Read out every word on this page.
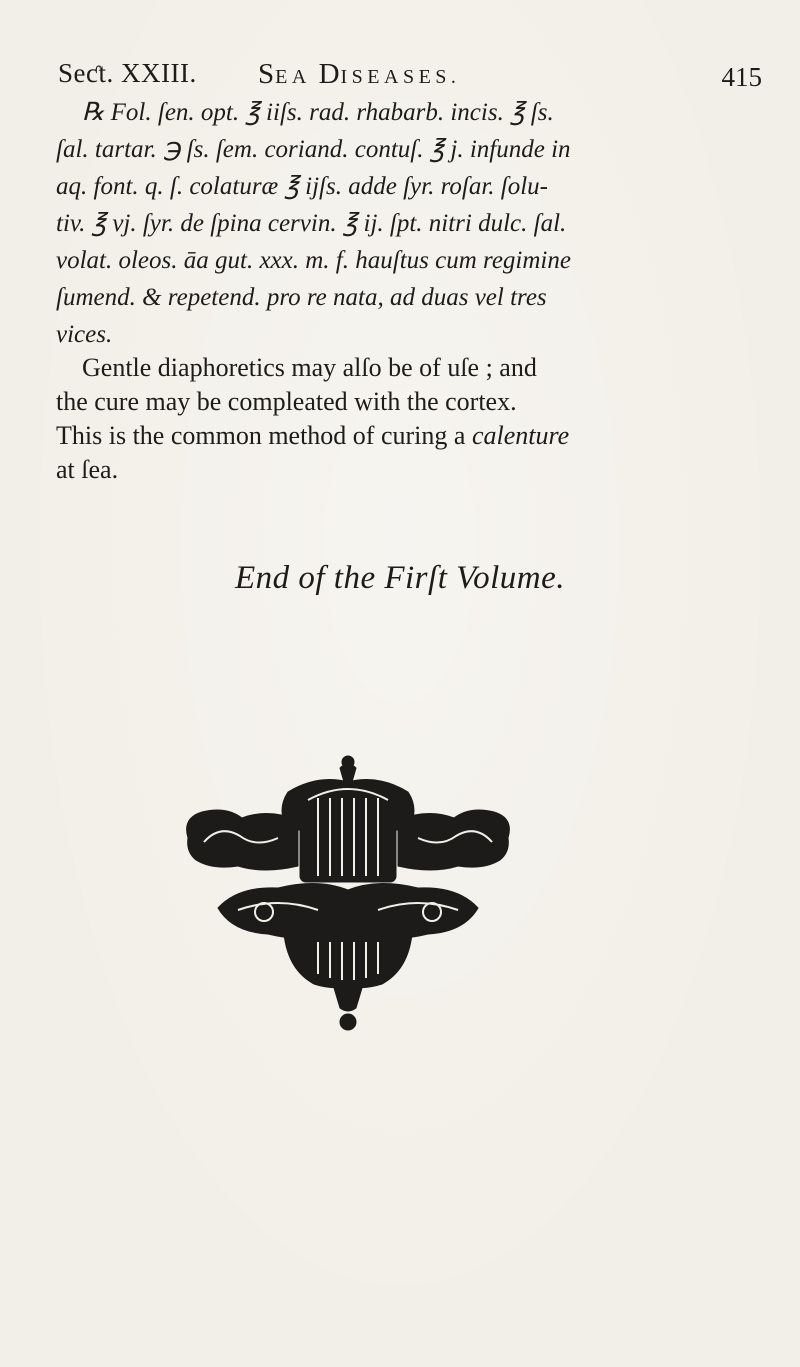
Seƈt. XXIII. SEA DISEASES.	415

℞ Fol. ſen. opt. ℥ iiſs. rad. rhabarb. incis. ℥ ſs.

ſal. tartar. ℈ ſs. ſem. coriand. contuſ. ℥ j. infunde in

aq. font. q. ſ. colaturæ ℥ ijſs. adde ſyr. roſar. ſolu-

tiv. ℥ vj. ſyr. de ſpina cervin. ℥ ij. ſpt. nitri dulc. ſal.

volat. oleos. āa gut. xxx. m. f. hauſtus cum regimine

ſumend. & repetend. pro re nata, ad duas vel tres

vices.

Gentle diaphoretics may alſo be of uſe ; and

the cure may be compleated with the cortex.

This is the common method of curing a calenture

at ſea.

End of the Firſt Volume.
